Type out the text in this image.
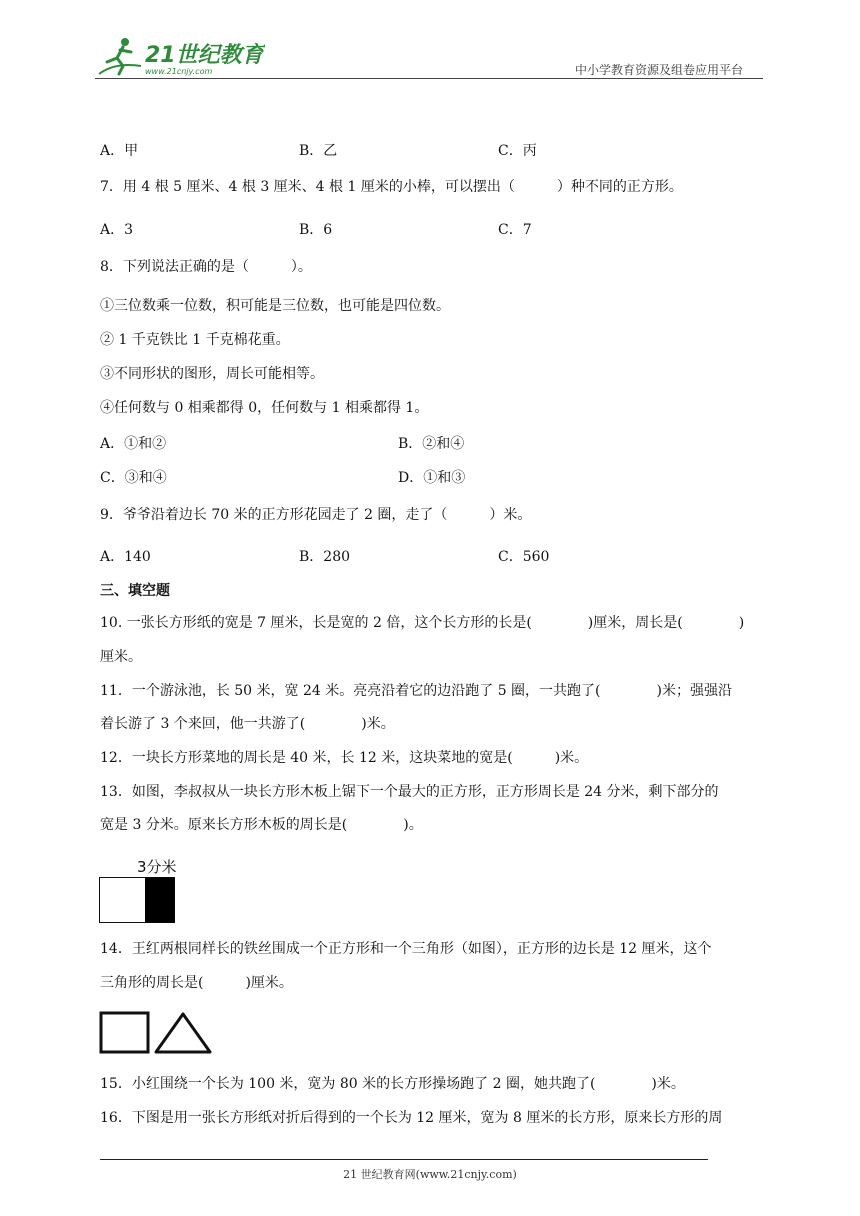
21世纪教育
www.21cnjy.com	中小学教育资源及组卷应用平台
A．甲	B．乙	C．丙
7．用 4 根 5 厘米、4 根 3 厘米、4 根 1 厘米的小棒，可以摆出（　　　）种不同的正方形。
A．3	B．6	C．7
8．下列说法正确的是（　　　）。
①三位数乘一位数，积可能是三位数，也可能是四位数。
② 1 千克铁比 1 千克棉花重。
③不同形状的图形，周长可能相等。
④任何数与 0 相乘都得 0，任何数与 1 相乘都得 1。
A．①和②	B．②和④
C．③和④	D．①和③
9．爷爷沿着边长 70 米的正方形花园走了 2 圈，走了（　　　）米。
A．140	B．280	C．560
三、填空题
10. 一张长方形纸的宽是 7 厘米，长是宽的 2 倍，这个长方形的长是(　　　　)厘米，周长是(　　　　)
厘米。
11．一个游泳池，长 50 米，宽 24 米。亮亮沿着它的边沿跑了 5 圈，一共跑了(　　　　)米；强强沿
着长游了 3 个来回，他一共游了(　　　　)米。
12．一块长方形菜地的周长是 40 米，长 12 米，这块菜地的宽是(　　　)米。
13．如图，李叔叔从一块长方形木板上锯下一个最大的正方形，正方形周长是 24 分米，剩下部分的
宽是 3 分米。原来长方形木板的周长是(　　　　)。
3分米
14．王红两根同样长的铁丝围成一个正方形和一个三角形（如图），正方形的边长是 12 厘米，这个
三角形的周长是(　　　)厘米。
15．小红围绕一个长为 100 米，宽为 80 米的长方形操场跑了 2 圈，她共跑了(　　　　)米。
16．下图是用一张长方形纸对折后得到的一个长为 12 厘米，宽为 8 厘米的长方形，原来长方形的周
21 世纪教育网(www.21cnjy.com)
